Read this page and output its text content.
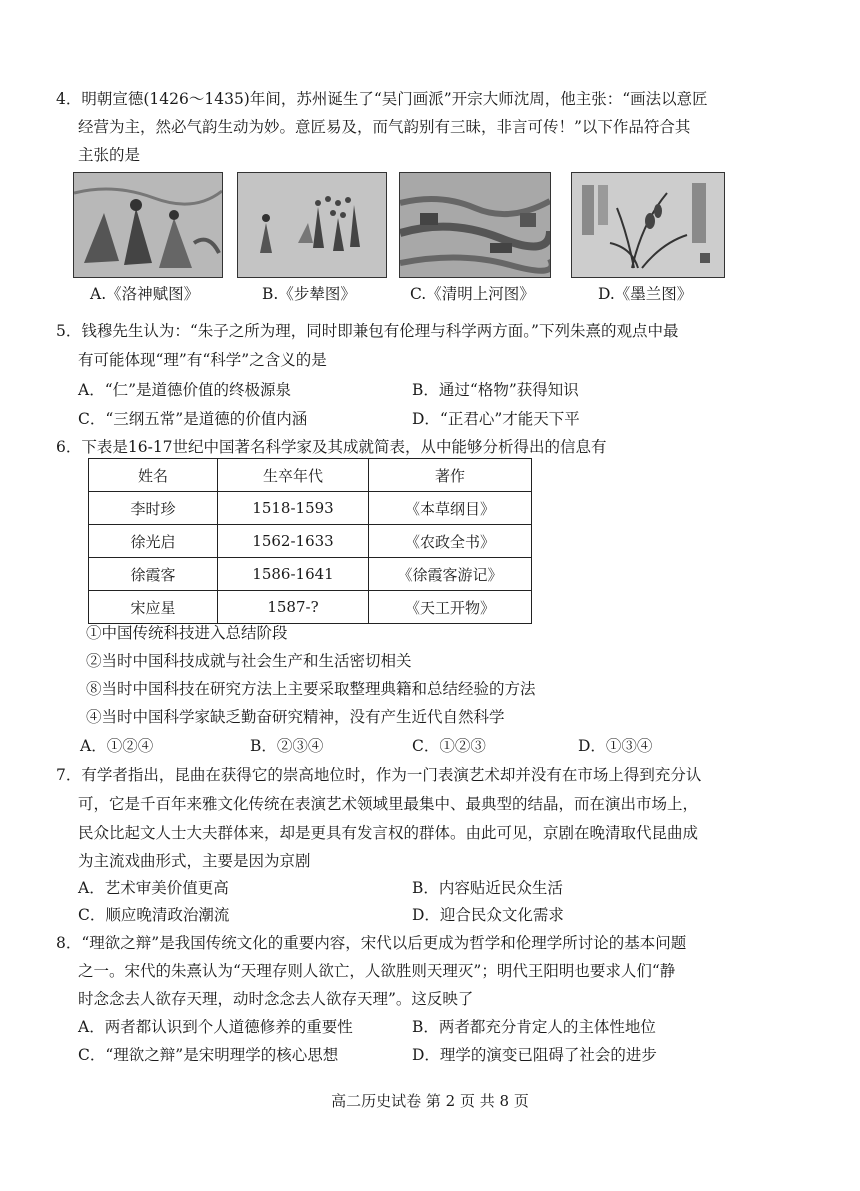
4．明朝宣德(1426～1435)年间，苏州诞生了“吴门画派”开宗大师沈周，他主张：“画法以意匠
经营为主，然必气韵生动为妙。意匠易及，而气韵别有三昧，非言可传！”以下作品符合其
主张的是
A.《洛神赋图》	B.《步辇图》	C.《清明上河图》	D.《墨兰图》
5．钱穆先生认为：“朱子之所为理，同时即兼包有伦理与科学两方面。”下列朱熹的观点中最
有可能体现“理”有“科学”之含义的是
A．“仁”是道德价值的终极源泉	B．通过“格物”获得知识
C．“三纲五常”是道德的价值内涵	D．“正君心”才能天下平
6．下表是16-17世纪中国著名科学家及其成就简表，从中能够分析得出的信息有
姓名	生卒年代	著作
李时珍	1518-1593	《本草纲目》
徐光启	1562-1633	《农政全书》
徐霞客	1586-1641	《徐霞客游记》
宋应星	1587-?	《天工开物》
①中国传统科技进入总结阶段
②当时中国科技成就与社会生产和生活密切相关
⑧当时中国科技在研究方法上主要采取整理典籍和总结经验的方法
④当时中国科学家缺乏勤奋研究精神，没有产生近代自然科学
A．①②④	B．②③④	C．①②③	D．①③④
7．有学者指出，昆曲在获得它的崇高地位时，作为一门表演艺术却并没有在市场上得到充分认
可，它是千百年来雅文化传统在表演艺术领域里最集中、最典型的结晶，而在演出市场上，
民众比起文人士大夫群体来，却是更具有发言权的群体。由此可见，京剧在晚清取代昆曲成
为主流戏曲形式，主要是因为京剧
A．艺术审美价值更高	B．内容贴近民众生活
C．顺应晚清政治潮流	D．迎合民众文化需求
8．“理欲之辩”是我国传统文化的重要内容，宋代以后更成为哲学和伦理学所讨论的基本问题
之一。宋代的朱熹认为“天理存则人欲亡，人欲胜则天理灭”；明代王阳明也要求人们“静
时念念去人欲存天理，动时念念去人欲存天理”。这反映了
A．两者都认识到个人道德修养的重要性	B．两者都充分肯定人的主体性地位
C．“理欲之辩”是宋明理学的核心思想	D．理学的演变已阻碍了社会的进步
高二历史试卷 第 2 页 共 8 页
